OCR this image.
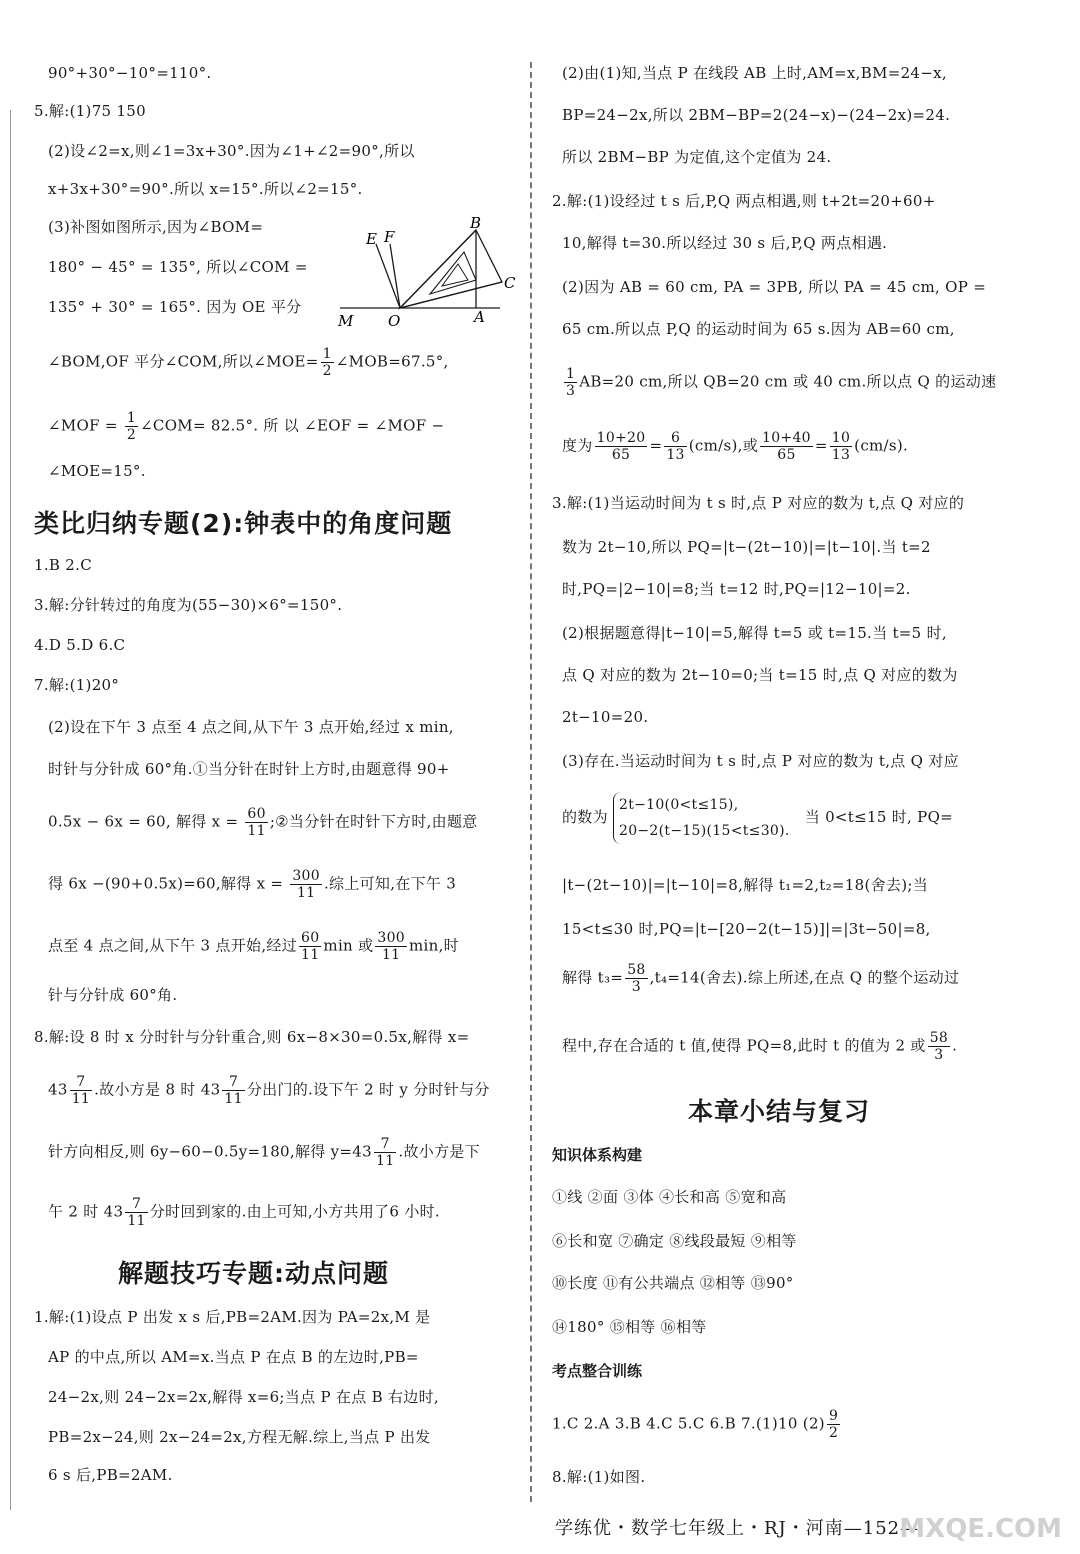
90°+30°−10°=110°.
5.解:(1)75 150
(2)设∠2=x,则∠1=3x+30°.因为∠1+∠2=90°,所以
x+3x+30°=90°.所以 x=15°.所以∠2=15°.
(3)补图如图所示,因为∠BOM=
180° − 45° = 135°, 所以∠COM =
135° + 30° = 165°. 因为 OE 平分
∠BOM,OF 平分∠COM,所以∠MOE= $\frac{1}{2}$ ∠MOB=67.5°,
∠MOF = $\frac{1}{2}$ ∠COM= 82.5°. 所 以 ∠EOF = ∠MOF −
∠MOE=15°.
类比归纳专题(2):钟表中的角度问题
1.B 2.C
3.解:分针转过的角度为(55−30)×6°=150°.
4.D 5.D 6.C
7.解:(1)20°
(2)设在下午 3 点至 4 点之间,从下午 3 点开始,经过 x min,
时针与分针成 60°角.①当分针在时针上方时,由题意得 90+
0.5x − 6x = 60, 解得 $x = \frac{60}{11}$ ;②当分针在时针下方时,由题意
得 6x −(90+0.5x)=60,解得 $x = \frac{300}{11}$ .综上可知,在下午 3
点至 4 点之间,从下午 3 点开始,经过 $\frac{60}{11}$ min 或 $\frac{300}{11} \min$,时
针与分针成 60°角.
8.解:设 8 时 x 分时针与分针重合,则 6x−8×30=0.5x,解得 x=
$43 \frac{7}{11}$ .故小方是 8 时 $43 \frac{7}{11}$ 分出门的.设下午 2 时 y 分时针与分
针方向相反,则 6y−60−0.5y=180,解得 $y=43 \frac{7}{11}$ .故小方是下
午 2 时 $43 \frac{7}{11}$ 分时回到家的.由上可知,小方共用了6 小时.
解题技巧专题:动点问题
1.解:(1)设点 P 出发 x s 后,PB=2AM.因为 PA=2x,M 是
AP 的中点,所以 AM=x.当点 P 在点 B 的左边时,PB=
24−2x,则 24−2x=2x,解得 x=6;当点 P 在点 B 右边时,
PB=2x−24,则 2x−24=2x,方程无解.综上,当点 P 出发
6 s 后,PB=2AM.
E F
B
C
M O	A
(2)由(1)知,当点 P 在线段 AB 上时,AM=x,BM=24−x,
BP=24−2x,所以 2BM−BP=2(24−x)−(24−2x)=24.
所以 2BM−BP 为定值,这个定值为 24.
2.解:(1)设经过 t s 后,P,Q 两点相遇,则 t+2t=20+60+
10,解得 t=30.所以经过 30 s 后,P,Q 两点相遇.
(2)因为 AB = 60 cm, PA = 3PB, 所以 PA = 45 cm, OP =
65 cm.所以点 P,Q 的运动时间为 65 s.因为 AB=60 cm,
$\frac{1}{3} AB=20$ cm,所以 QB=20 cm 或 40 cm.所以点 Q 的运动速
度为 $\frac{10+20}{65} = \frac{6}{13} (cm/s)$,或 $\frac{10+40}{65} = \frac{10}{13} (cm/s)$.
3.解:(1)当运动时间为 t s 时,点 P 对应的数为 t,点 Q 对应的
数为 2t−10,所以 PQ=|t−(2t−10)|=|t−10|.当 t=2
时,PQ=|2−10|=8;当 t=12 时,PQ=|12−10|=2.
(2)根据题意得|t−10|=5,解得 t=5 或 t=15.当 t=5 时,
点 Q 对应的数为 2t−10=0;当 t=15 时,点 Q 对应的数为
2t−10=20.
(3)存在.当运动时间为 t s 时,点 P 对应的数为 t,点 Q 对应
的数为
2t−10(0<t≤15),
20−2(t−15)(15<t≤30).
当 0<t≤15 时, PQ=
|t−(2t−10)|=|t−10|=8,解得 t₁=2,t₂=18(舍去);当
15<t≤30 时,PQ=|t−[20−2(t−15)]|=|3t−50|=8,
解得 $t_3= \frac{58}{3} ,t_4=14$(舍去).综上所述,在点 Q 的整个运动过
程中,存在合适的 t 值,使得 PQ=8,此时 t 的值为 2 或 $\frac{58}{3}$ .
本章小结与复习
知识体系构建
①线 ②面 ③体 ④长和高 ⑤宽和高
⑥长和宽 ⑦确定 ⑧线段最短 ⑨相等
⑩长度 ⑪有公共端点 ⑫相等 ⑬90°
⑭180° ⑮相等 ⑯相等
考点整合训练
1.C 2.A 3.B 4.C 5.C 6.B 7.(1)10 $(2) \frac{9}{2}$
8.解:(1)如图.
学练优・数学七年级上・RJ・河南—152—
MXQE.COM
